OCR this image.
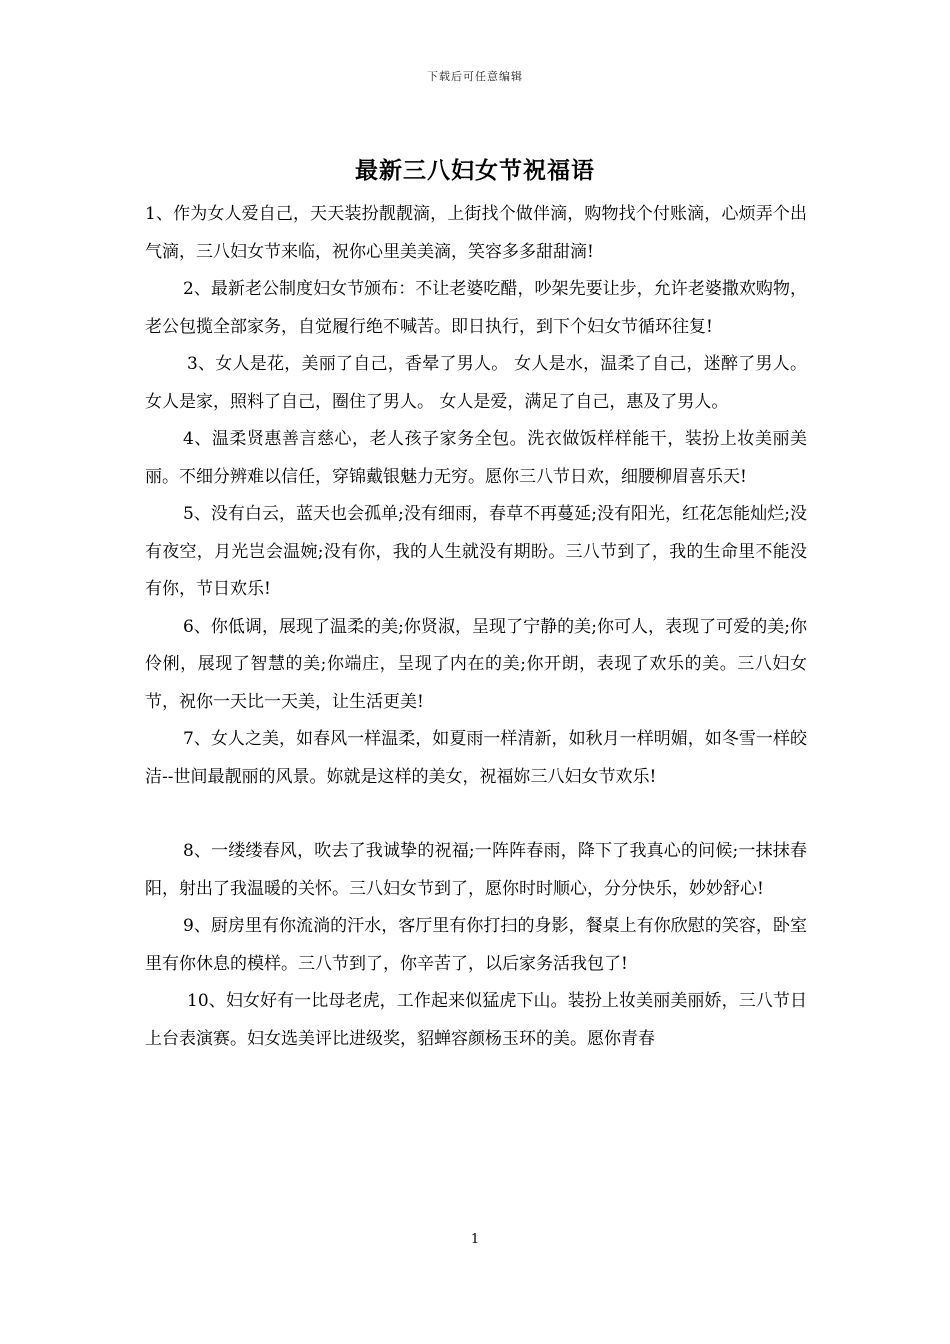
下载后可任意编辑
最新三八妇女节祝福语

1、作为女人爱自己，天天装扮靓靓滴，上街找个做伴滴，购物找个付账滴，心烦弄个出气滴，三八妇女节来临，祝你心里美美滴，笑容多多甜甜滴!

2、最新老公制度妇女节颁布：不让老婆吃醋，吵架先要让步，允许老婆撒欢购物，老公包揽全部家务，自觉履行绝不喊苦。即日执行，到下个妇女节循环往复!

3、女人是花，美丽了自己，香晕了男人。 女人是水，温柔了自己，迷醉了男人。 女人是家，照料了自己，圈住了男人。 女人是爱，满足了自己，惠及了男人。

4、温柔贤惠善言慈心，老人孩子家务全包。洗衣做饭样样能干，装扮上妆美丽美丽。不细分辨难以信任，穿锦戴银魅力无穷。愿你三八节日欢，细腰柳眉喜乐天!

5、没有白云，蓝天也会孤单;没有细雨，春草不再蔓延;没有阳光，红花怎能灿烂;没有夜空，月光岂会温婉;没有你，我的人生就没有期盼。三八节到了，我的生命里不能没有你，节日欢乐!

6、你低调，展现了温柔的美;你贤淑，呈现了宁静的美;你可人，表现了可爱的美;你伶俐，展现了智慧的美;你端庄，呈现了内在的美;你开朗，表现了欢乐的美。三八妇女节，祝你一天比一天美，让生活更美!

7、女人之美，如春风一样温柔，如夏雨一样清新，如秋月一样明媚，如冬雪一样皎洁--世间最靓丽的风景。妳就是这样的美女，祝福妳三八妇女节欢乐!

8、一缕缕春风，吹去了我诚挚的祝福;一阵阵春雨，降下了我真心的问候;一抹抹春阳，射出了我温暖的关怀。三八妇女节到了，愿你时时顺心，分分快乐，妙妙舒心!

9、厨房里有你流淌的汗水，客厅里有你打扫的身影，餐桌上有你欣慰的笑容，卧室里有你休息的模样。三八节到了，你辛苦了，以后家务活我包了!

10、妇女好有一比母老虎，工作起来似猛虎下山。装扮上妆美丽美丽娇，三八节日上台表演赛。妇女选美评比进级奖，貂蝉容颜杨玉环的美。愿你青春

1
